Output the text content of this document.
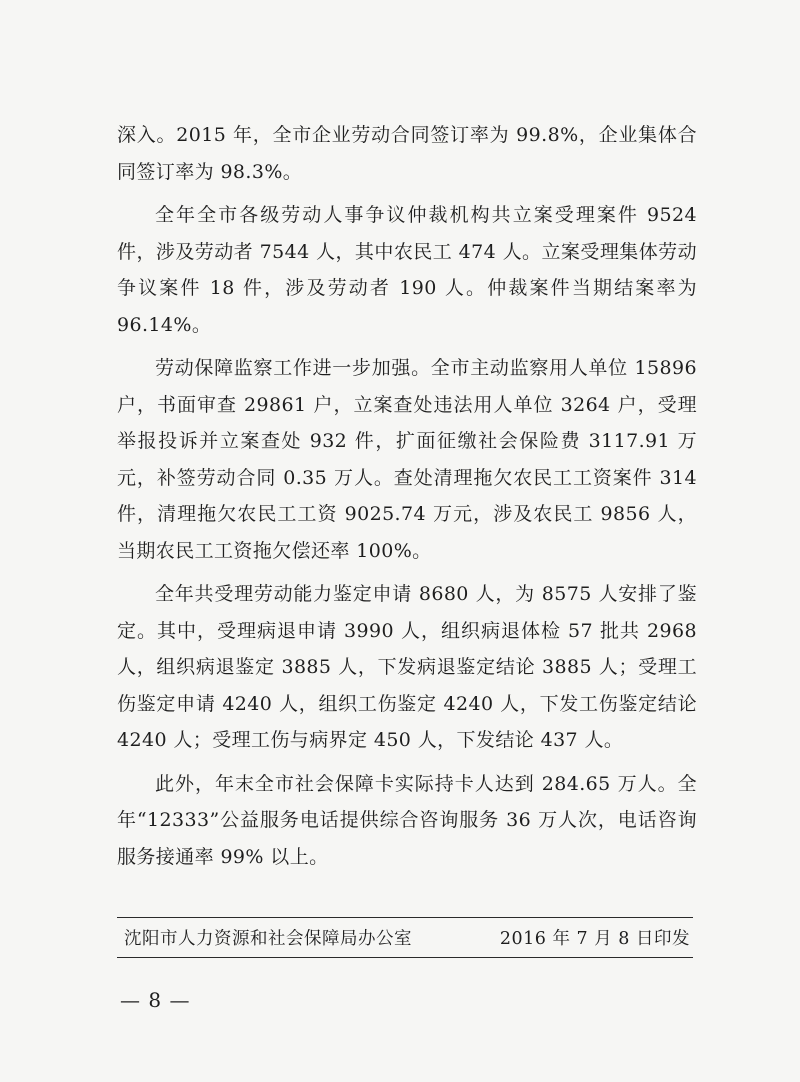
深入。2015 年，全市企业劳动合同签订率为 99.8%，企业集体合同签订率为 98.3%。

全年全市各级劳动人事争议仲裁机构共立案受理案件 9524 件，涉及劳动者 7544 人，其中农民工 474 人。立案受理集体劳动争议案件 18 件，涉及劳动者 190 人。仲裁案件当期结案率为 96.14%。

劳动保障监察工作进一步加强。全市主动监察用人单位 15896 户，书面审查 29861 户，立案查处违法用人单位 3264 户，受理举报投诉并立案查处 932 件，扩面征缴社会保险费 3117.91 万元，补签劳动合同 0.35 万人。查处清理拖欠农民工工资案件 314 件，清理拖欠农民工工资 9025.74 万元，涉及农民工 9856 人，当期农民工工资拖欠偿还率 100%。

全年共受理劳动能力鉴定申请 8680 人，为 8575 人安排了鉴定。其中，受理病退申请 3990 人，组织病退体检 57 批共 2968 人，组织病退鉴定 3885 人，下发病退鉴定结论 3885 人；受理工伤鉴定申请 4240 人，组织工伤鉴定 4240 人，下发工伤鉴定结论 4240 人；受理工伤与病界定 450 人，下发结论 437 人。

此外，年末全市社会保障卡实际持卡人达到 284.65 万人。全年“12333”公益服务电话提供综合咨询服务 36 万人次，电话咨询服务接通率 99% 以上。

沈阳市人力资源和社会保障局办公室	2016 年 7 月 8 日印发
— 8 —
